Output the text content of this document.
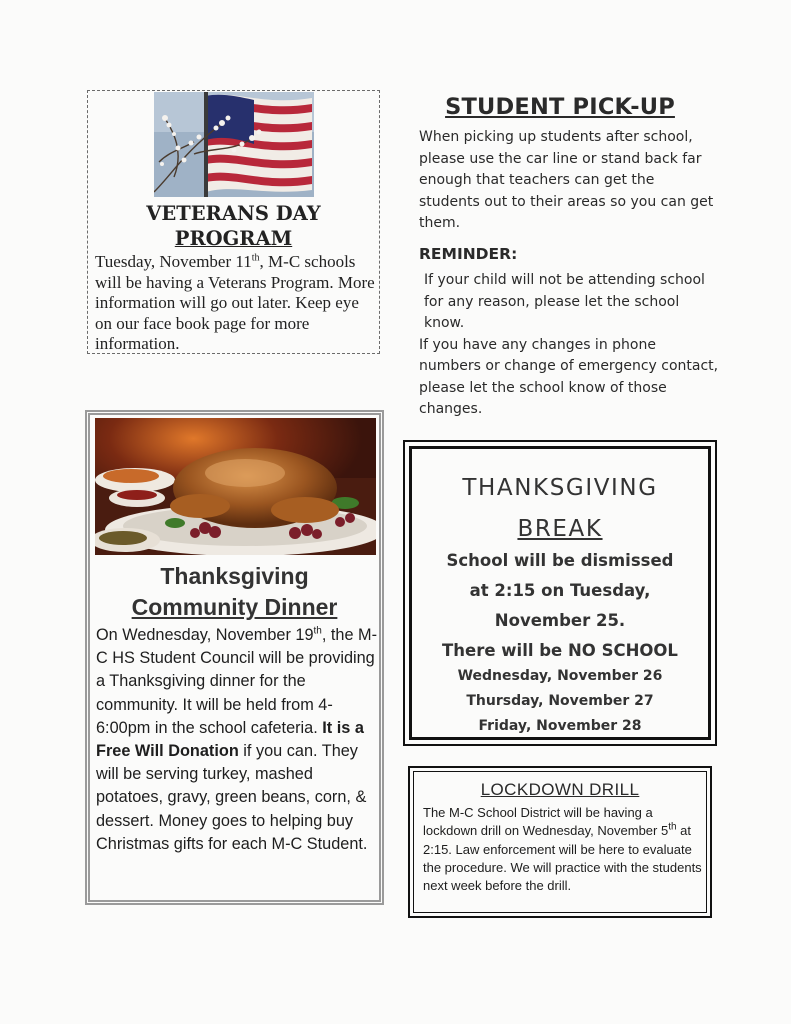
VETERANS DAY
PROGRAM
Tuesday, November 11th, M-C schools will be having a Veterans Program. More information will go out later. Keep eye on our face book page for more information.
STUDENT PICK-UP
When picking up students after school, please use the car line or stand back far enough that teachers can get the students out to their areas so you can get them.
REMINDER:

If your child will not be attending school for any reason, please let the school know.

If you have any changes in phone numbers or change of emergency contact, please let the school know of those changes.

Thanksgiving
Community Dinner
On Wednesday, November 19th, the M-C HS Student Council will be providing a Thanksgiving dinner for the community. It will be held from 4-6:00pm in the school cafeteria. It is a Free Will Donation if you can. They will be serving turkey, mashed potatoes, gravy, green beans, corn, & dessert. Money goes to helping buy Christmas gifts for each M-C Student.
THANKSGIVING
BREAK
School will be dismissed
at 2:15 on Tuesday,
November 25.
There will be NO SCHOOL
Wednesday, November 26
Thursday, November 27
Friday, November 28
LOCKDOWN DRILL
The M-C School District will be having a lockdown drill on Wednesday, November 5th at 2:15. Law enforcement will be here to evaluate the procedure. We will practice with the students next week before the drill.
